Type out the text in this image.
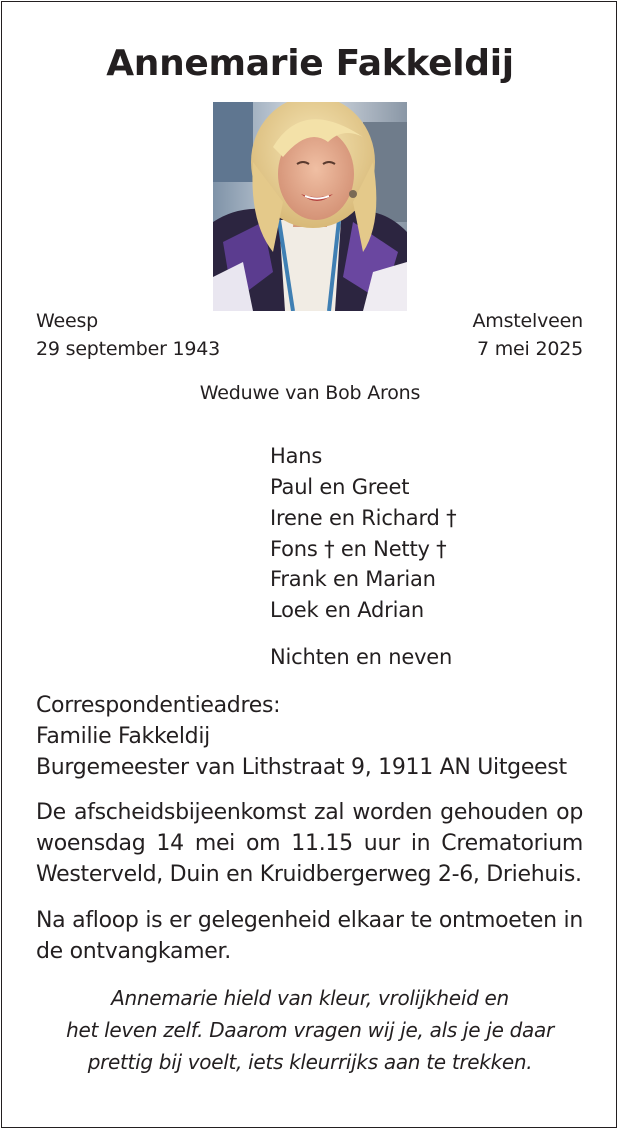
Annemarie Fakkeldij
Weesp
29 september 1943
Amstelveen
7 mei 2025
Weduwe van Bob Arons
Hans
Paul en Greet
Irene en Richard †
Fons † en Netty †
Frank en Marian
Loek en Adrian
Nichten en neven
Correspondentieadres:
Familie Fakkeldij
Burgemeester van Lithstraat 9, 1911 AN Uitgeest
De afscheidsbijeenkomst zal worden gehouden op
woensdag 14 mei om 11.15 uur in Crematorium
Westerveld, Duin en Kruidbergerweg 2-6, Driehuis.
Na afloop is er gelegenheid elkaar te ontmoeten in
de ontvangkamer.
Annemarie hield van kleur, vrolijkheid en
het leven zelf. Daarom vragen wij je, als je je daar
prettig bij voelt, iets kleurrijks aan te trekken.
